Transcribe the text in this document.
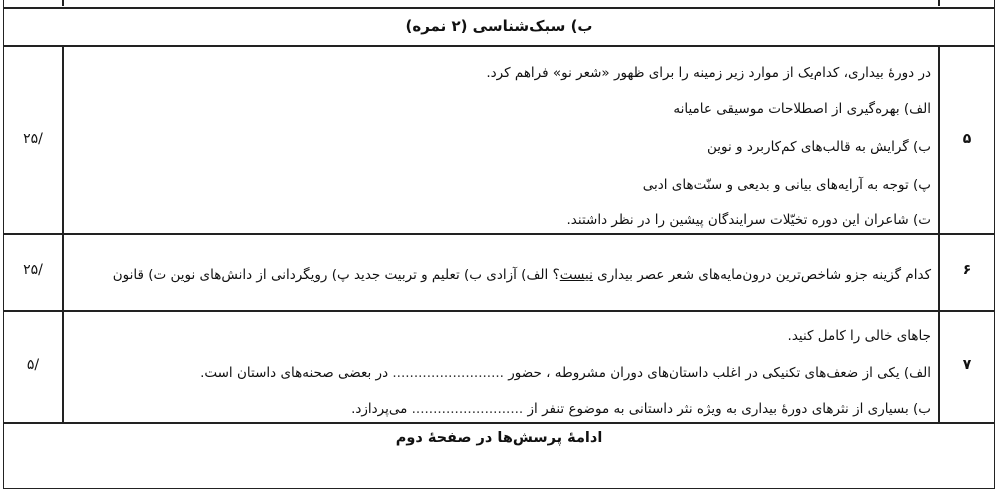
ب) سبک‌شناسی (۲ نمره)
۵
/۲۵
در دورهٔ بیداری، کدام‌یک از موارد زیر زمینه را برای ظهور «شعر نو» فراهم کرد.
الف) بهره‌گیری از اصطلاحات موسیقی عامیانه
ب) گرایش به قالب‌های کم‌کاربرد و نوین
پ) توجه به آرایه‌های بیانی و بدیعی و سنّت‌های ادبی
ت) شاعران این دوره تخیّلات سرایندگان پیشین را در نظر داشتند.
۶
/۲۵	کدام گزینه جزو شاخص‌ترین درون‌مایه‌های شعر عصر بیداری نیست؟ الف) آزادی ب) تعلیم و تربیت جدید پ) رویگردانی از دانش‌های نوین ت) قانون
۷
/۵
جاهای خالی را کامل کنید.
الف) یکی از ضعف‌های تکنیکی در اغلب داستان‌های دوران مشروطه ، حضور .......................... در بعضی صحنه‌های داستان است.
ب) بسیاری از نثرهای دورهٔ بیداری به ویژه نثر داستانی به موضوع تنفر از .......................... می‌پردازد.
ادامهٔ پرسش‌ها در صفحهٔ دوم
